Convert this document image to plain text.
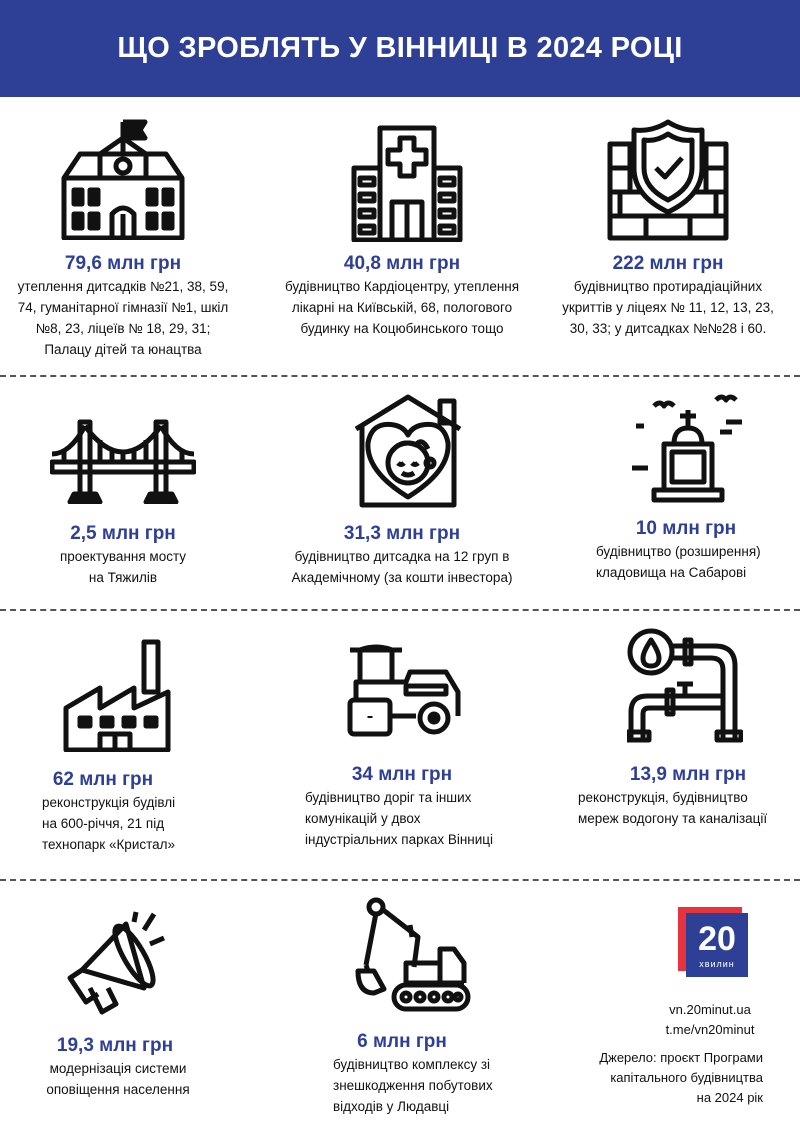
ЩО ЗРОБЛЯТЬ У ВІННИЦІ В 2024 РОЦІ
79,6 млн грн
утеплення дитсадків №21, 38, 59,
74, гуманітарної гімназії №1, шкіл
№8, 23, ліцеїв № 18, 29, 31;
Палацу дітей та юнацтва
40,8 млн грн
будівництво Кардіоцентру, утеплення
лікарні на Київській, 68, пологового
будинку на Коцюбинського тощо
222 млн грн
будівництво протирадіаційних
укриттів у ліцеях № 11, 12, 13, 23,
30, 33; у дитсадках №№28 і 60.
2,5 млн грн
проектування мосту
на Тяжилів
31,3 млн грн
будівництво дитсадка на 12 груп в
Академічному (за кошти інвестора)
10 млн грн
будівництво (розширення)
кладовища на Сабарові
62 млн грн
реконструкція будівлі
на 600-річчя, 21 під
технопарк «Кристал»
34 млн грн
будівництво доріг та інших
комунікацій у двох
індустріальних парках Вінниці
13,9 млн грн
реконструкція, будівництво
мереж водогону та каналізації
19,3 млн грн
модернізація системи
оповіщення населення
6 млн грн
будівництво комплексу зі
знешкодження побутових
відходів у Людавці
20
хвилин
vn.20minut.ua
t.me/vn20minut
Джерело: проєкт Програми
капітального будівництва
на 2024 рік
